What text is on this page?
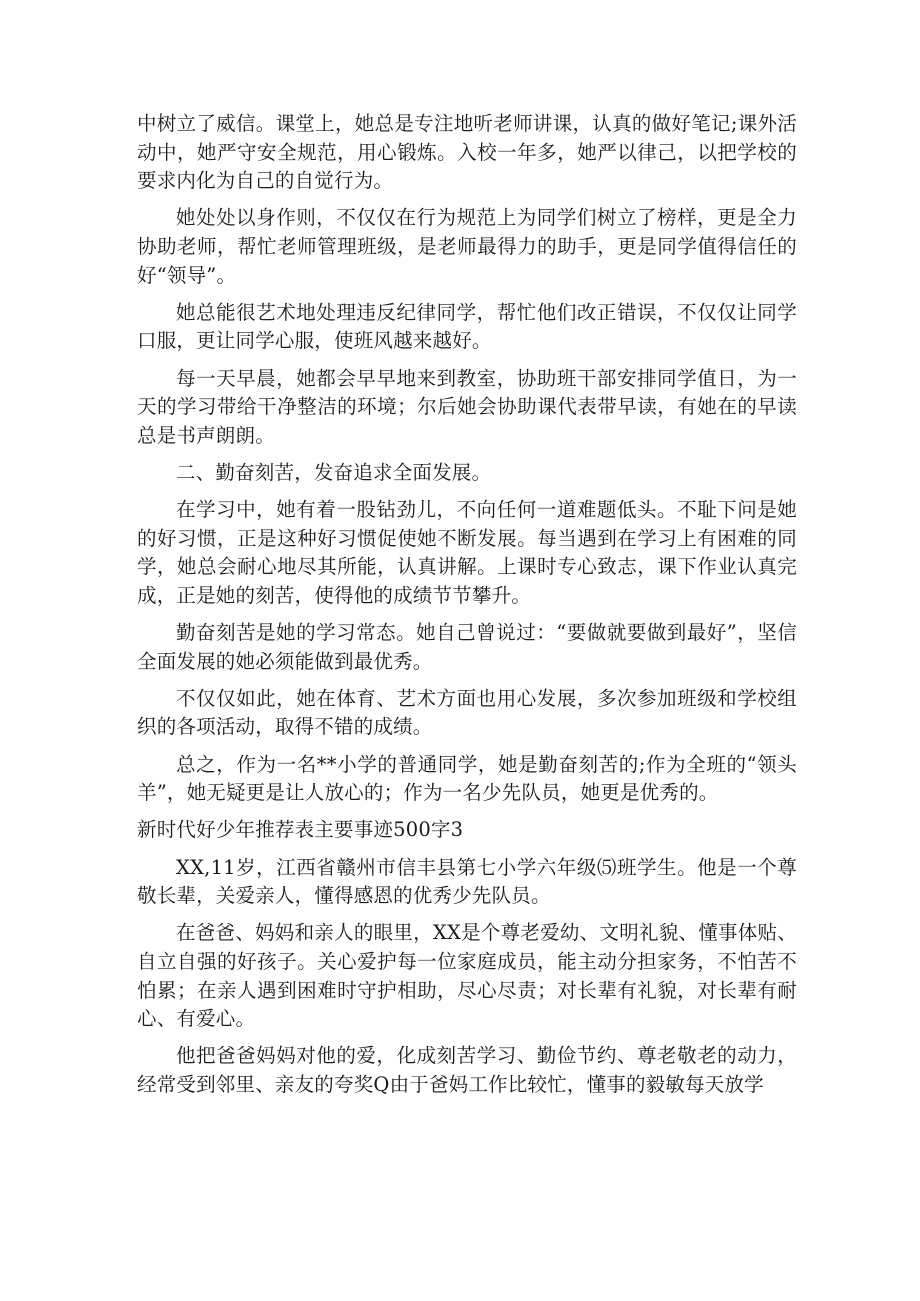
中树立了威信。课堂上，她总是专注地听老师讲课，认真的做好笔记;课外活动中，她严守安全规范，用心锻炼。入校一年多，她严以律己，以把学校的要求内化为自己的自觉行为。

她处处以身作则，不仅仅在行为规范上为同学们树立了榜样，更是全力协助老师，帮忙老师管理班级，是老师最得力的助手，更是同学值得信任的好“领导”。

她总能很艺术地处理违反纪律同学，帮忙他们改正错误，不仅仅让同学口服，更让同学心服，使班风越来越好。

每一天早晨，她都会早早地来到教室，协助班干部安排同学值日，为一天的学习带给干净整洁的环境；尔后她会协助课代表带早读，有她在的早读总是书声朗朗。

二、勤奋刻苦，发奋追求全面发展。

在学习中，她有着一股钻劲儿，不向任何一道难题低头。不耻下问是她的好习惯，正是这种好习惯促使她不断发展。每当遇到在学习上有困难的同学，她总会耐心地尽其所能，认真讲解。上课时专心致志，课下作业认真完成，正是她的刻苦，使得他的成绩节节攀升。

勤奋刻苦是她的学习常态。她自己曾说过：“要做就要做到最好”，坚信全面发展的她必须能做到最优秀。

不仅仅如此，她在体育、艺术方面也用心发展，多次参加班级和学校组织的各项活动，取得不错的成绩。

总之，作为一名**小学的普通同学，她是勤奋刻苦的;作为全班的“领头羊”，她无疑更是让人放心的；作为一名少先队员，她更是优秀的。

新时代好少年推荐表主要事迹500字3

XX,11岁，江西省赣州市信丰县第七小学六年级⑸班学生。他是一个尊敬长辈，关爱亲人，懂得感恩的优秀少先队员。

在爸爸、妈妈和亲人的眼里，XX是个尊老爱幼、文明礼貌、懂事体贴、自立自强的好孩子。关心爱护每一位家庭成员，能主动分担家务，不怕苦不怕累；在亲人遇到困难时守护相助，尽心尽责；对长辈有礼貌，对长辈有耐心、有爱心。

他把爸爸妈妈对他的爱，化成刻苦学习、勤俭节约、尊老敬老的动力，经常受到邻里、亲友的夸奖Q由于爸妈工作比较忙，懂事的毅敏每天放学
